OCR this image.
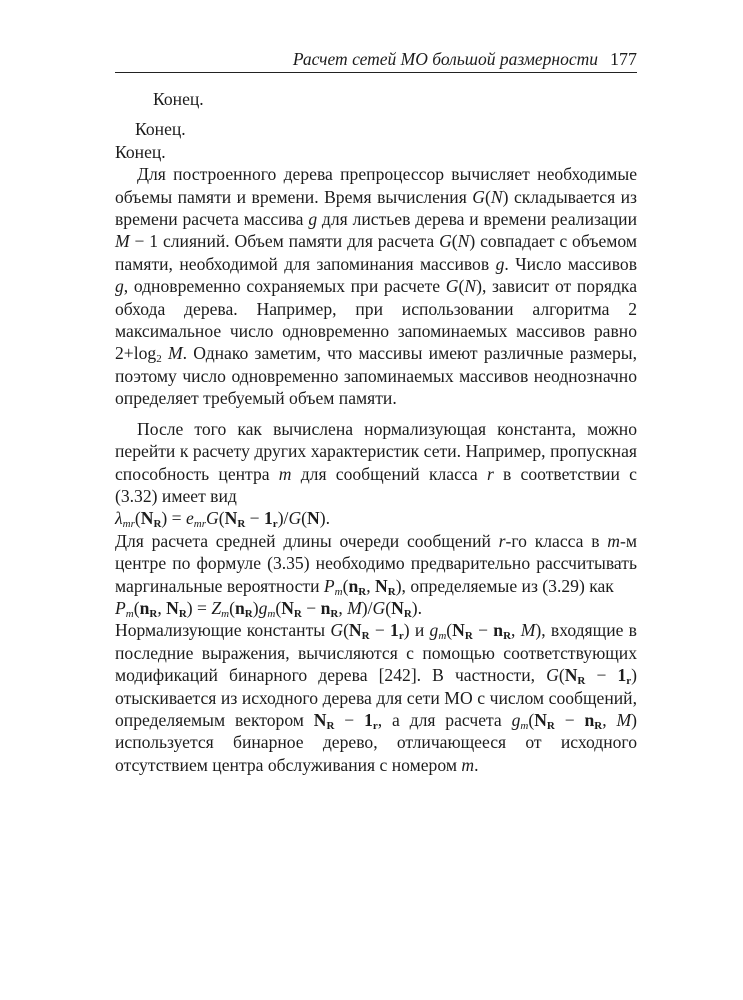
Расчет сетей МО большой размерности 177

Конец.

Конец.

Конец.

Для построенного дерева препроцессор вычисляет необходимые объемы памяти и времени. Время вычисления G(N) складывается из времени расчета массива g для листьев дерева и времени реализации M − 1 слияний. Объем памяти для расчета G(N) совпадает с объемом памяти, необходимой для запоминания массивов g. Число массивов g, одновременно сохраняемых при расчете G(N), зависит от порядка обхода дерева. Например, при использовании алгоритма 2 максимальное число одновременно запоминаемых массивов равно $2+\log_2$ M. Однако заметим, что массивы имеют различные размеры, поэтому число одновременно запоминаемых массивов неоднозначно определяет требуемый объем памяти.

После того как вычислена нормализующая константа, можно перейти к расчету других характеристик сети. Например, пропускная способность центра m для сообщений класса r в соответствии с (3.32) имеет вид

$\lambda_{mr}(N_R) = e_{mr}G(N_R - 1_r)/G(N)$.

Для расчета средней длины очереди сообщений r-го класса в m-м центре по формуле (3.35) необходимо предварительно рассчитывать маргинальные вероятности $P_m(n_R$, $N_R$), определяемые из (3.29) как

$P_m(n_R$, $N_R) = Z_m(n_R)g_m(N_R - n_R$, $M)/G(N_R)$.

Нормализующие константы $G(N_R - 1_r)$ и $g_m(N_R - n_R$, M), входящие в последние выражения, вычисляются с помощью соответствующих модификаций бинарного дерева [242]. В частности, $G(N_R - 1_r)$ отыскивается из исходного дерева для сети МО с числом сообщений, определяемым вектором $N_R - 1_r$, а для расчета $g_m(N_R - n_R$, M) используется бинарное дерево, отличающееся от исходного отсутствием центра обслуживания с номером m.
